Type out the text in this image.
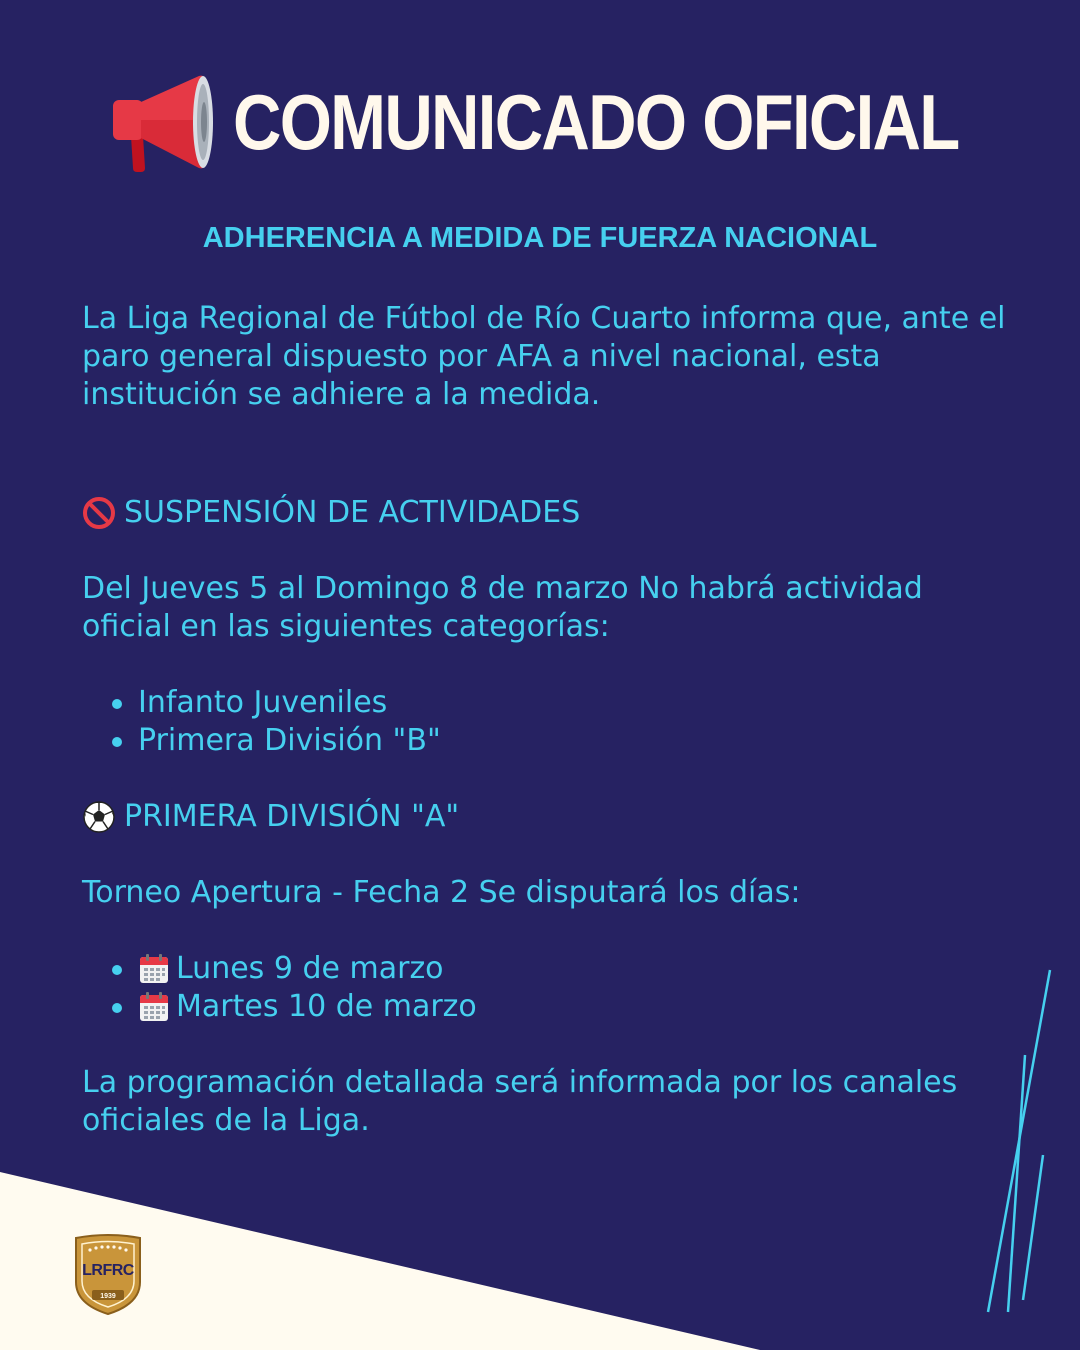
COMUNICADO OFICIAL
ADHERENCIA A MEDIDA DE FUERZA NACIONAL

La Liga Regional de Fútbol de Río Cuarto informa que, ante el paro general dispuesto por AFA a nivel nacional, esta institución se adhiere a la medida.

SUSPENSIÓN DE ACTIVIDADES

Del Jueves 5 al Domingo 8 de marzo No habrá actividad oficial en las siguientes categorías:

Infanto Juveniles
Primera División "B"
PRIMERA DIVISIÓN "A"

Torneo Apertura - Fecha 2 Se disputará los días:

Lunes 9 de marzo
Martes 10 de marzo

La programación detallada será informada por los canales oficiales de la Liga.

LRFRC
1939
